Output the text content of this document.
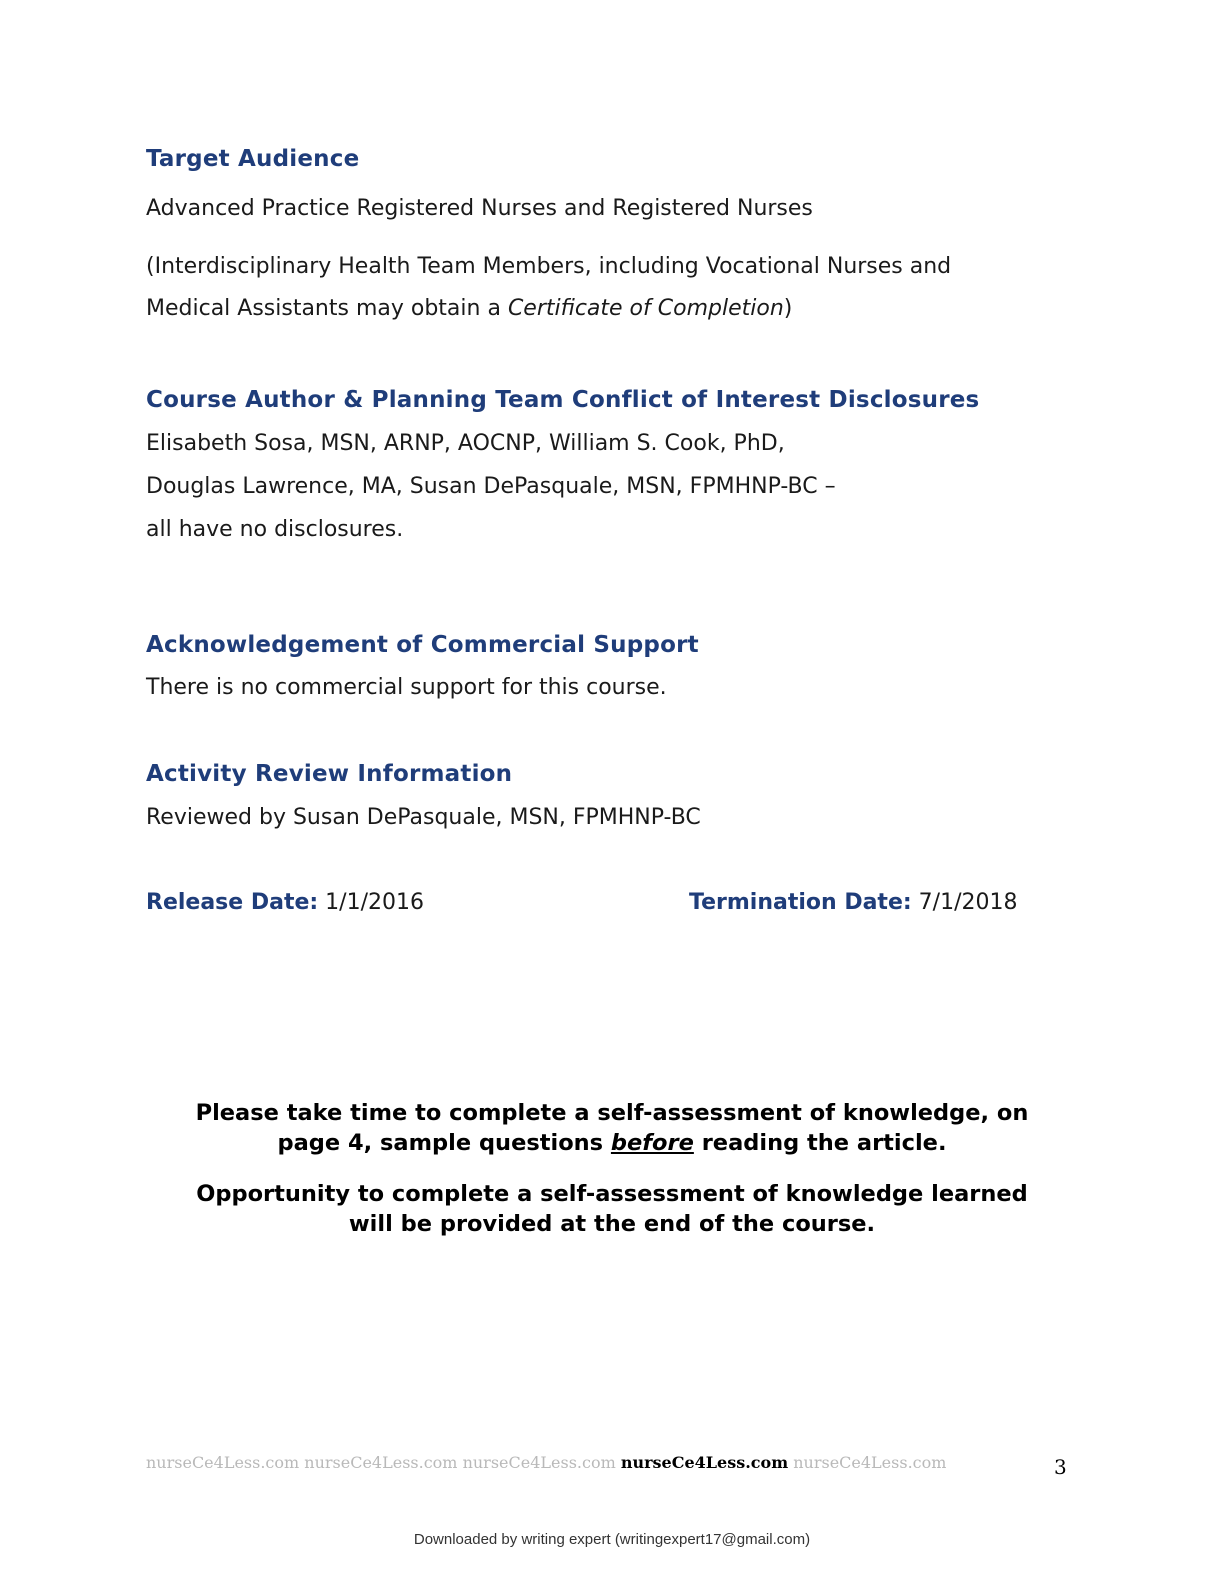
Target Audience
Advanced Practice Registered Nurses and Registered Nurses
(Interdisciplinary Health Team Members, including Vocational Nurses and
Medical Assistants may obtain a Certificate of Completion)
Course Author & Planning Team Conflict of Interest Disclosures
Elisabeth Sosa, MSN, ARNP, AOCNP, William S. Cook, PhD,
Douglas Lawrence, MA, Susan DePasquale, MSN, FPMHNP-BC –
all have no disclosures.
Acknowledgement of Commercial Support
There is no commercial support for this course.
Activity Review Information
Reviewed by Susan DePasquale, MSN, FPMHNP-BC
Release Date: 1/1/2016	Termination Date: 7/1/2018
Please take time to complete a self-assessment of knowledge, on
page 4, sample questions before reading the article.
Opportunity to complete a self-assessment of knowledge learned
will be provided at the end of the course.
nurseCe4Less.com nurseCe4Less.com nurseCe4Less.com nurseCe4Less.com nurseCe4Less.com	3
Downloaded by writing expert (writingexpert17@gmail.com)
